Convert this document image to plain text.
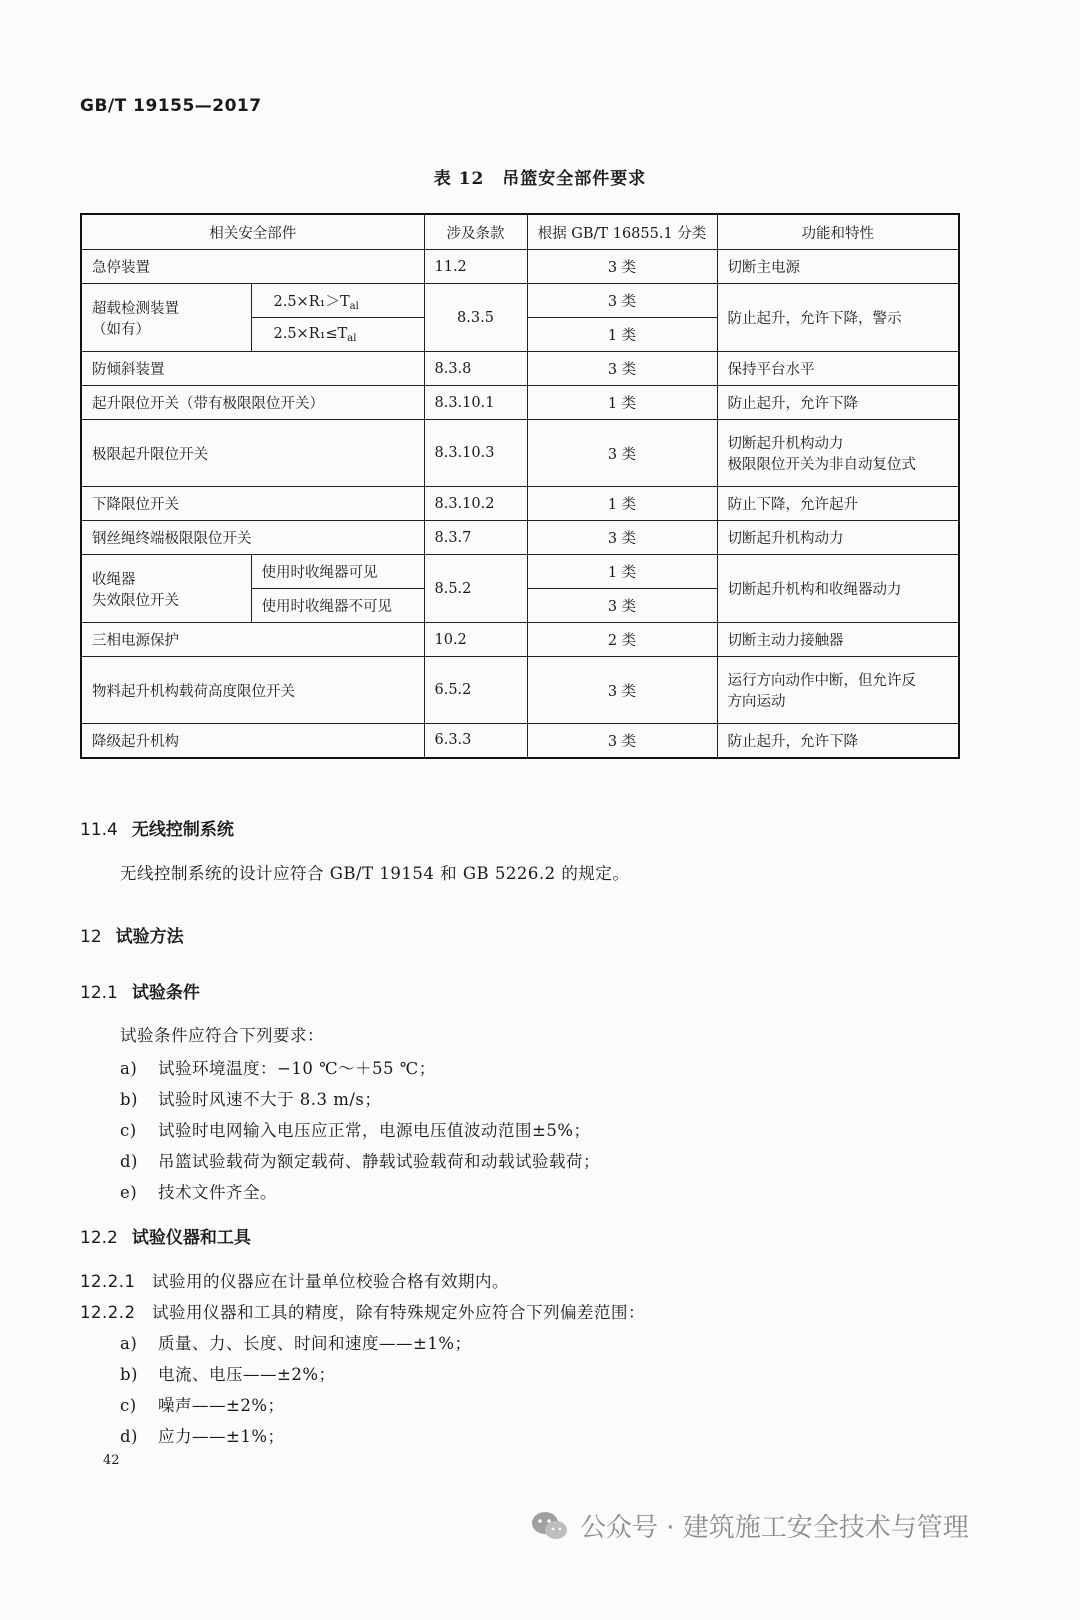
GB/T 19155—2017
表 12　吊篮安全部件要求
相关安全部件		涉及条款	根据 GB/T 16855.1 分类	功能和特性
急停装置		11.2	3 类	切断主电源

超载检测装置
（如有）	$2.5\times R_1>T_{al}$	8.3.5	3 类	防止起升，允许下降，警示
	$2.5\times R_1\le T_{al}$		1 类	
防倾斜装置		8.3.8	3 类	保持平台水平
起升限位开关（带有极限限位开关）		8.3.10.1	1 类	防止起升，允许下降
极限起升限位开关		8.3.10.3	3 类	切断起升机构动力
极限限位开关为非自动复位式

下降限位开关		8.3.10.2	1 类	防止下降，允许起升
钢丝绳终端极限限位开关		8.3.7	3 类	切断起升机构动力

收绳器
失效限位开关	使用时收绳器可见	8.5.2	1 类	切断起升机构和收绳器动力
	使用时收绳器不可见		3 类	
三相电源保护		10.2	2 类	切断主动力接触器
物料起升机构载荷高度限位开关		6.5.2	3 类	运行方向动作中断，但允许反
方向运动

降级起升机构		6.3.3	3 类	防止起升，允许下降
11.4 无线控制系统
无线控制系统的设计应符合 GB/T 19154 和 GB 5226.2 的规定。
12 试验方法
12.1 试验条件
试验条件应符合下列要求：
a) 试验环境温度：−10 ℃～＋55 ℃；
b) 试验时风速不大于 8.3 m/s；
c) 试验时电网输入电压应正常，电源电压值波动范围±5%；
d) 吊篮试验载荷为额定载荷、静载试验载荷和动载试验载荷；
e) 技术文件齐全。
12.2 试验仪器和工具
12.2.1 试验用的仪器应在计量单位校验合格有效期内。
12.2.2 试验用仪器和工具的精度，除有特殊规定外应符合下列偏差范围：
a) 质量、力、长度、时间和速度——±1%；
b) 电流、电压——±2%；
c) 噪声——±2%；
d) 应力——±1%；
42
公众号 · 建筑施工安全技术与管理
